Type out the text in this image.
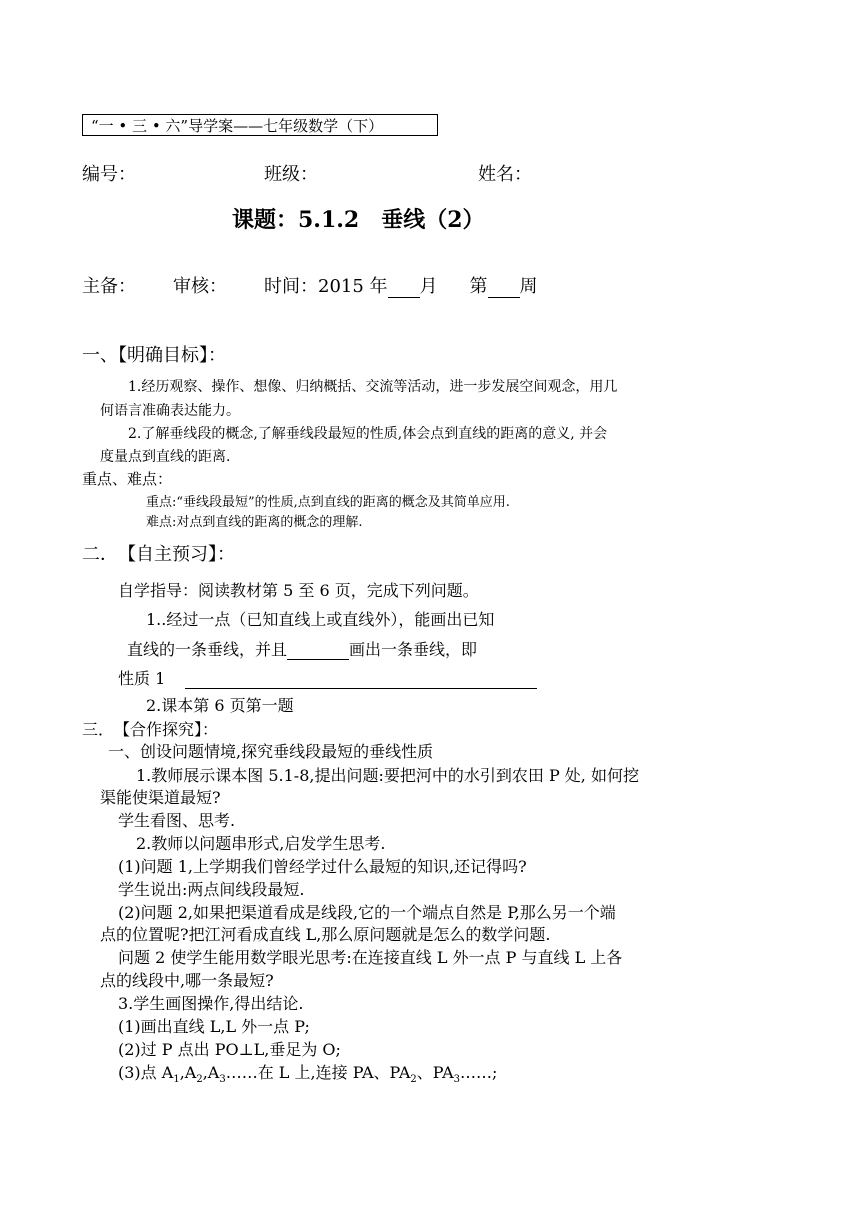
“一 • 三 • 六”导学案——七年级数学（下）
编号：	班级：	姓名：
课题：5.1.2　垂线（2）
主备： 审核： 时间：2015 年 月 第 周
一、【明确目标】：
1.经历观察、操作、想像、归纳概括、交流等活动，进一步发展空间观念，用几
何语言准确表达能力。
2.了解垂线段的概念,了解垂线段最短的性质,体会点到直线的距离的意义, 并会
度量点到直线的距离.
重点、难点：
重点:“垂线段最短”的性质,点到直线的距离的概念及其简单应用.
难点:对点到直线的距离的概念的理解.
二．　【自主预习】：
自学指导：阅读教材第 5 至 6 页，完成下列问题。
1..经过一点（已知直线上或直线外），能画出已知
直线的一条垂线，并且	画出一条垂线，即
性质 1
2.课本第 6 页第一题
三．　【合作探究】：
一、创设问题情境,探究垂线段最短的垂线性质
1.教师展示课本图 5.1-8,提出问题:要把河中的水引到农田 P 处, 如何挖
渠能使渠道最短?
学生看图、思考.
2.教师以问题串形式,启发学生思考.
(1)问题 1,上学期我们曾经学过什么最短的知识,还记得吗?
学生说出:两点间线段最短.
(2)问题 2,如果把渠道看成是线段,它的一个端点自然是 P,那么另一个端
点的位置呢?把江河看成直线 L,那么原问题就是怎么的数学问题.
问题 2 使学生能用数学眼光思考:在连接直线 L 外一点 P 与直线 L 上各
点的线段中,哪一条最短?
3.学生画图操作,得出结论.
(1)画出直线 L,L 外一点 P;
(2)过 P 点出 PO⊥L,垂足为 O;
(3)点 $A_1,A_2,A_3\dots\dots$在 L 上,连接 PA、$PA_2$、$PA_3\dots\dots$;
